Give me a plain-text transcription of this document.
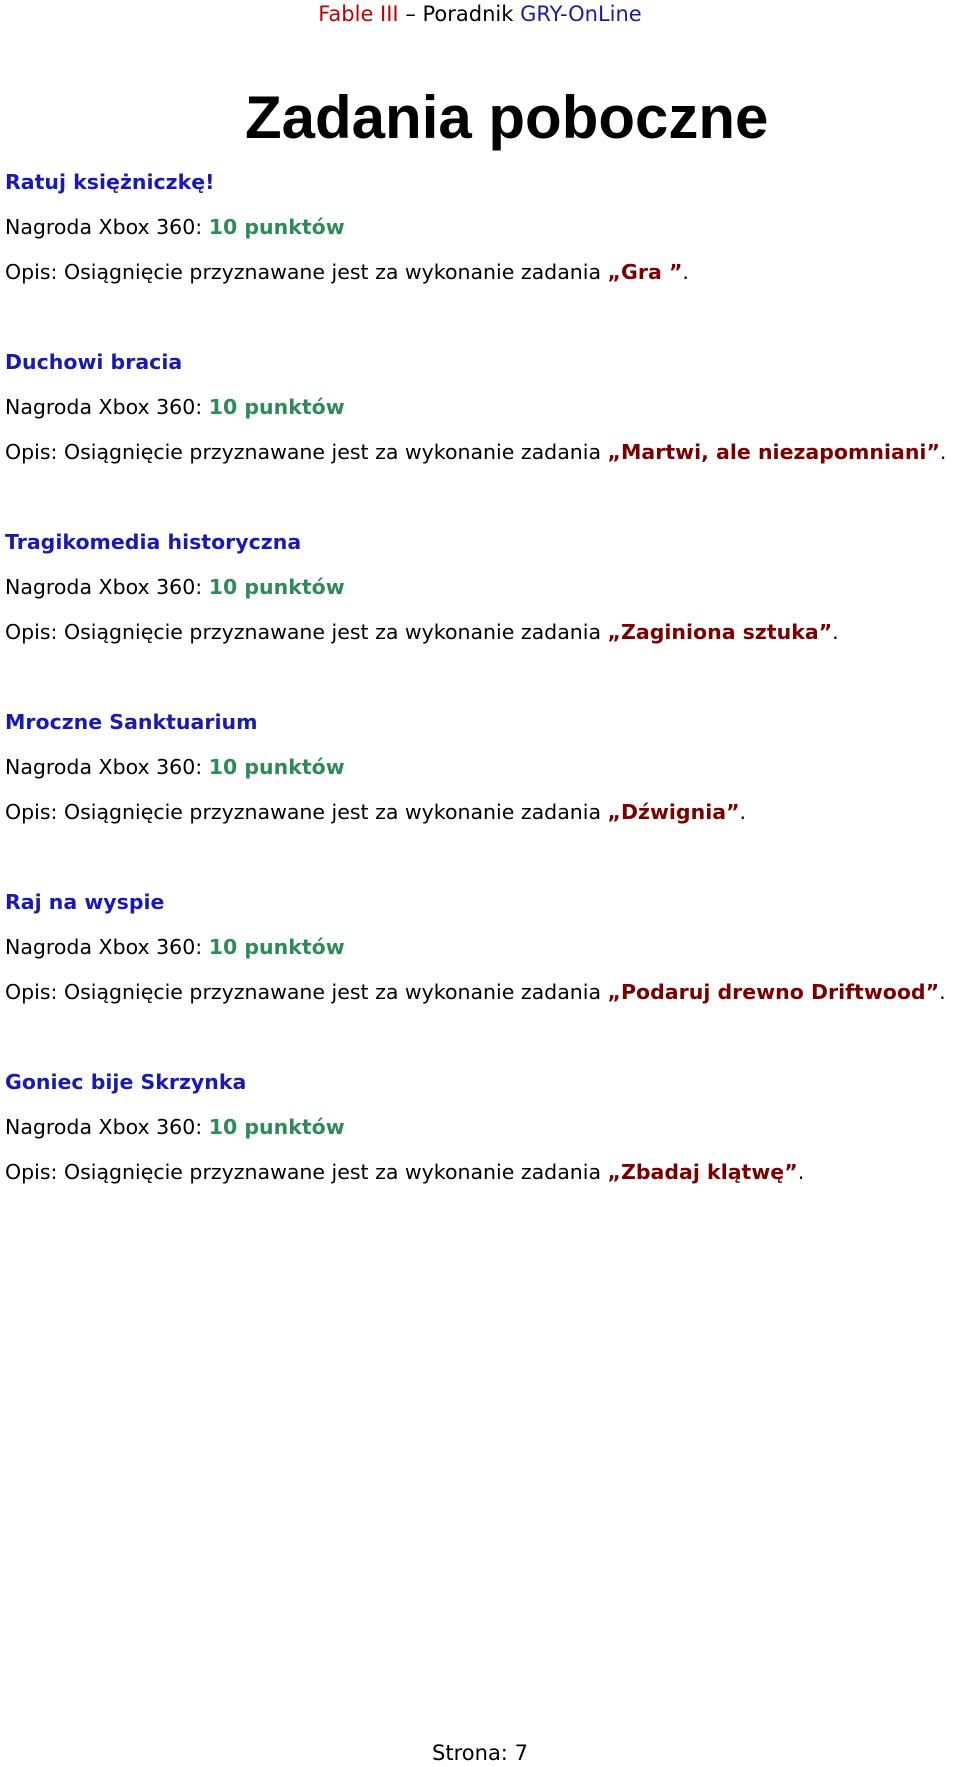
Fable III – Poradnik GRY-OnLine
Zadania poboczne
Ratuj księżniczkę!
Nagroda Xbox 360: 10 punktów
Opis: Osiągnięcie przyznawane jest za wykonanie zadania „Gra ”.
Duchowi bracia
Nagroda Xbox 360: 10 punktów
Opis: Osiągnięcie przyznawane jest za wykonanie zadania „Martwi, ale niezapomniani”.
Tragikomedia historyczna
Nagroda Xbox 360: 10 punktów
Opis: Osiągnięcie przyznawane jest za wykonanie zadania „Zaginiona sztuka”.
Mroczne Sanktuarium
Nagroda Xbox 360: 10 punktów
Opis: Osiągnięcie przyznawane jest za wykonanie zadania „Dźwignia”.
Raj na wyspie
Nagroda Xbox 360: 10 punktów
Opis: Osiągnięcie przyznawane jest za wykonanie zadania „Podaruj drewno Driftwood”.
Goniec bije Skrzynka
Nagroda Xbox 360: 10 punktów
Opis: Osiągnięcie przyznawane jest za wykonanie zadania „Zbadaj klątwę”.
Strona: 7
